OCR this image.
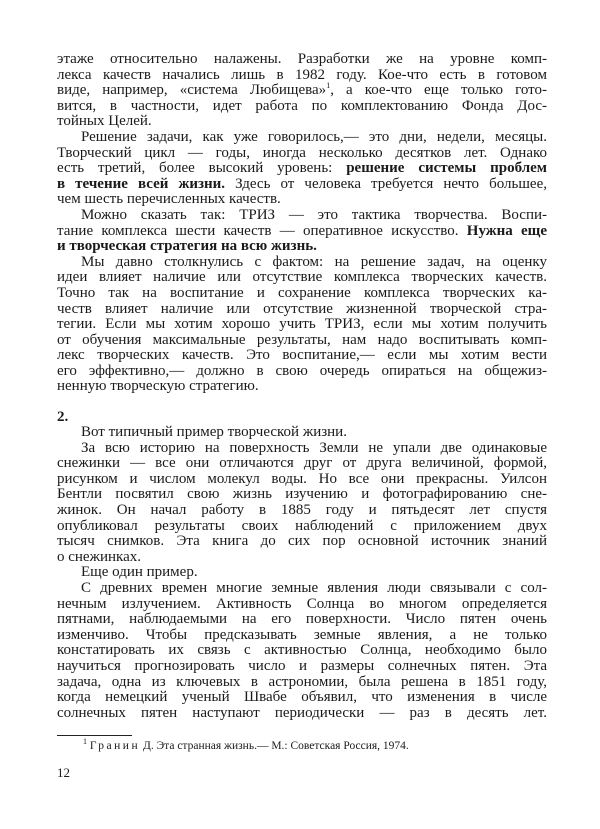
этаже относительно налажены. Разработки же на уровне комп-
лекса качеств начались лишь в 1982 году. Кое-что есть в готовом
виде, например, «система Любищева»$^1$, а кое-что еще только гото-
вится, в частности, идет работа по комплектованию Фонда Дос-
тойных Целей.
Решение задачи, как уже говорилось,— это дни, недели, месяцы.
Творческий цикл — годы, иногда несколько десятков лет. Однако
есть третий, более высокий уровень: решение системы проблем
в течение всей жизни. Здесь от человека требуется нечто большее,
чем шесть перечисленных качеств.
Можно сказать так: ТРИЗ — это тактика творчества. Воспи-
тание комплекса шести качеств — оперативное искусство. Нужна еще
и творческая стратегия на всю жизнь.
Мы давно столкнулись с фактом: на решение задач, на оценку
идеи влияет наличие или отсутствие комплекса творческих качеств.
Точно так на воспитание и сохранение комплекса творческих ка-
честв влияет наличие или отсутствие жизненной творческой стра-
тегии. Если мы хотим хорошо учить ТРИЗ, если мы хотим получить
от обучения максимальные результаты, нам надо воспитывать комп-
лекс творческих качеств. Это воспитание,— если мы хотим вести
его эффективно,— должно в свою очередь опираться на общежиз-
ненную творческую стратегию.
2.
Вот типичный пример творческой жизни.
За всю историю на поверхность Земли не упали две одинаковые
снежинки — все они отличаются друг от друга величиной, формой,
рисунком и числом молекул воды. Но все они прекрасны. Уилсон
Бентли посвятил свою жизнь изучению и фотографированию сне-
жинок. Он начал работу в 1885 году и пятьдесят лет спустя
опубликовал результаты своих наблюдений с приложением двух
тысяч снимков. Эта книга до сих пор основной источник знаний
о снежинках.
Еще один пример.
С древних времен многие земные явления люди связывали с сол-
нечным излучением. Активность Солнца во многом определяется
пятнами, наблюдаемыми на его поверхности. Число пятен очень
изменчиво. Чтобы предсказывать земные явления, а не только
констатировать их связь с активностью Солнца, необходимо было
научиться прогнозировать число и размеры солнечных пятен. Эта
задача, одна из ключевых в астрономии, была решена в 1851 году,
когда немецкий ученый Швабе объявил, что изменения в числе
солнечных пятен наступают периодически — раз в десять лет.
$^1$ Гранин Д. Эта странная жизнь.— М.: Советская Россия, 1974.
12
